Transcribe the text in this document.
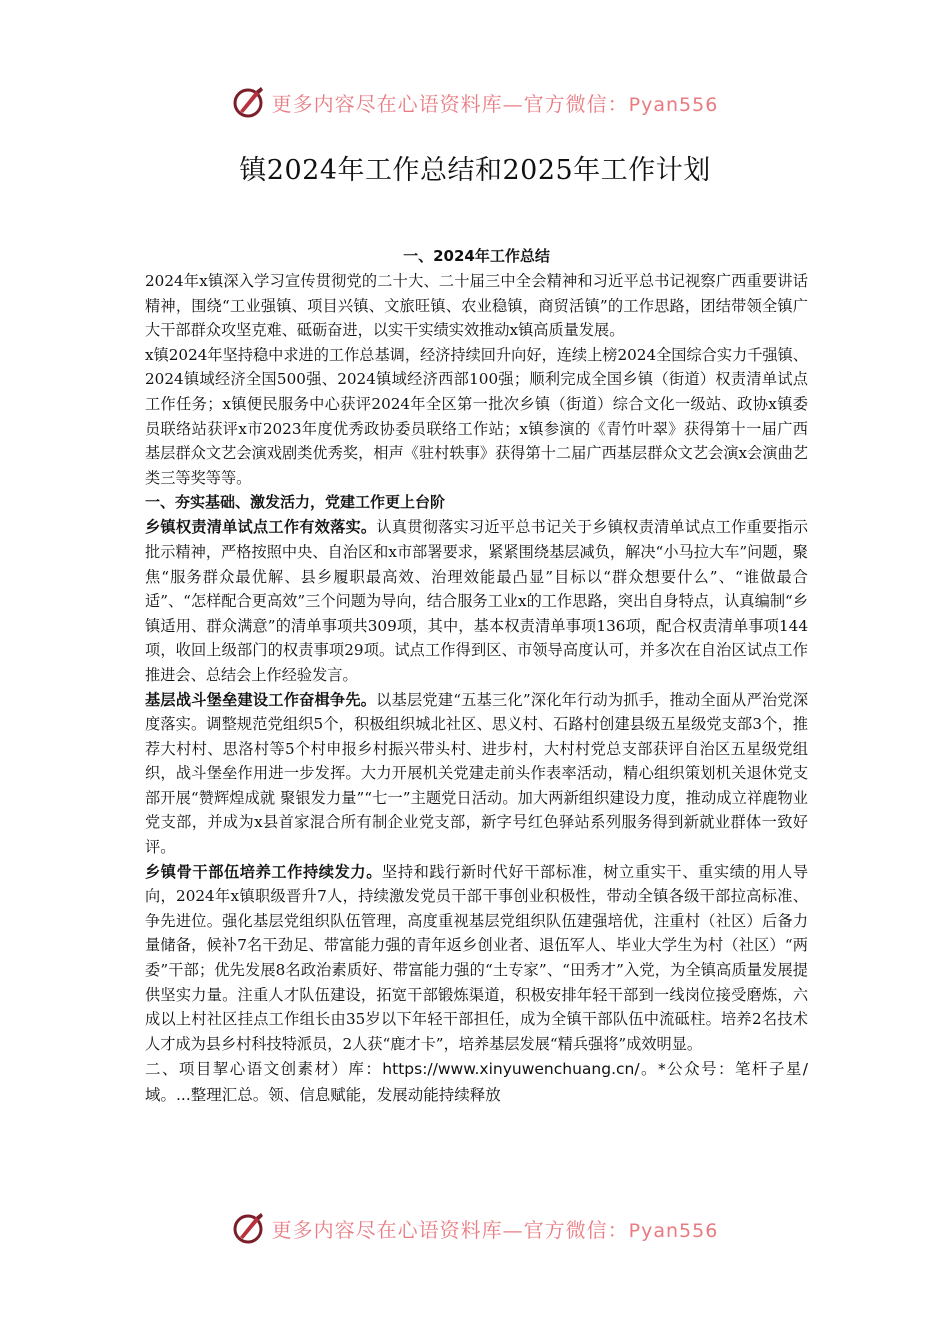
更多内容尽在心语资料库—官方微信：Pyan556
镇2024年工作总结和2025年工作计划
一、2024年工作总结

2024年x镇深入学习宣传贯彻党的二十大、二十届三中全会精神和习近平总书记视察广西重要讲话精神，围绕“工业强镇、项目兴镇、文旅旺镇、农业稳镇，商贸活镇”的工作思路，团结带领全镇广大干部群众攻坚克难、砥砺奋进，以实干实绩实效推动x镇高质量发展。

x镇2024年坚持稳中求进的工作总基调，经济持续回升向好，连续上榜2024全国综合实力千强镇、2024镇域经济全国500强、2024镇域经济西部100强；顺利完成全国乡镇（街道）权责清单试点工作任务；x镇便民服务中心获评2024年全区第一批次乡镇（街道）综合文化一级站、政协x镇委员联络站获评x市2023年度优秀政协委员联络工作站；x镇参演的《青竹叶翠》获得第十一届广西基层群众文艺会演戏剧类优秀奖，相声《驻村轶事》获得第十二届广西基层群众文艺会演x会演曲艺类三等奖等等。

一、夯实基础、激发活力，党建工作更上台阶

乡镇权责清单试点工作有效落实。认真贯彻落实习近平总书记关于乡镇权责清单试点工作重要指示批示精神，严格按照中央、自治区和x市部署要求，紧紧围绕基层减负，解决“小马拉大车”问题，聚焦“服务群众最优解、县乡履职最高效、治理效能最凸显”目标以“群众想要什么”、“谁做最合适”、“怎样配合更高效”三个问题为导向，结合服务工业x的工作思路，突出自身特点，认真编制“乡镇适用、群众满意”的清单事项共309项，其中，基本权责清单事项136项，配合权责清单事项144项，收回上级部门的权责事项29项。试点工作得到区、市领导高度认可，并多次在自治区试点工作推进会、总结会上作经验发言。

基层战斗堡垒建设工作奋楫争先。以基层党建“五基三化”深化年行动为抓手，推动全面从严治党深度落实。调整规范党组织5个，积极组织城北社区、思义村、石路村创建县级五星级党支部3个，推荐大村村、思洛村等5个村申报乡村振兴带头村、进步村，大村村党总支部获评自治区五星级党组织，战斗堡垒作用进一步发挥。大力开展机关党建走前头作表率活动，精心组织策划机关退休党支部开展“赞辉煌成就 聚银发力量”“七一”主题党日活动。加大两新组织建设力度，推动成立祥鹿物业党支部，并成为x县首家混合所有制企业党支部，新字号红色驿站系列服务得到新就业群体一致好评。

乡镇骨干部伍培养工作持续发力。坚持和践行新时代好干部标准，树立重实干、重实绩的用人导向，2024年x镇职级晋升7人，持续激发党员干部干事创业积极性，带动全镇各级干部拉高标准、争先进位。强化基层党组织队伍管理，高度重视基层党组织队伍建强培优，注重村（社区）后备力量储备，候补7名干劲足、带富能力强的青年返乡创业者、退伍军人、毕业大学生为村（社区）“两委”干部；优先发展8名政治素质好、带富能力强的“土专家”、“田秀才”入党，为全镇高质量发展提供坚实力量。注重人才队伍建设，拓宽干部锻炼渠道，积极安排年轻干部到一线岗位接受磨炼，六成以上村社区挂点工作组长由35岁以下年轻干部担任，成为全镇干部队伍中流砥柱。培养2名技术人才成为县乡村科技特派员，2人获“鹿才卡”，培养基层发展“精兵强将”成效明显。

二、项目挈心语文创素材）库：https://www.xinyuwenchuang.cn/。*公众号：笔杆子星/域。...整理汇总。领、信息赋能，发展动能持续释放

更多内容尽在心语资料库—官方微信：Pyan556
